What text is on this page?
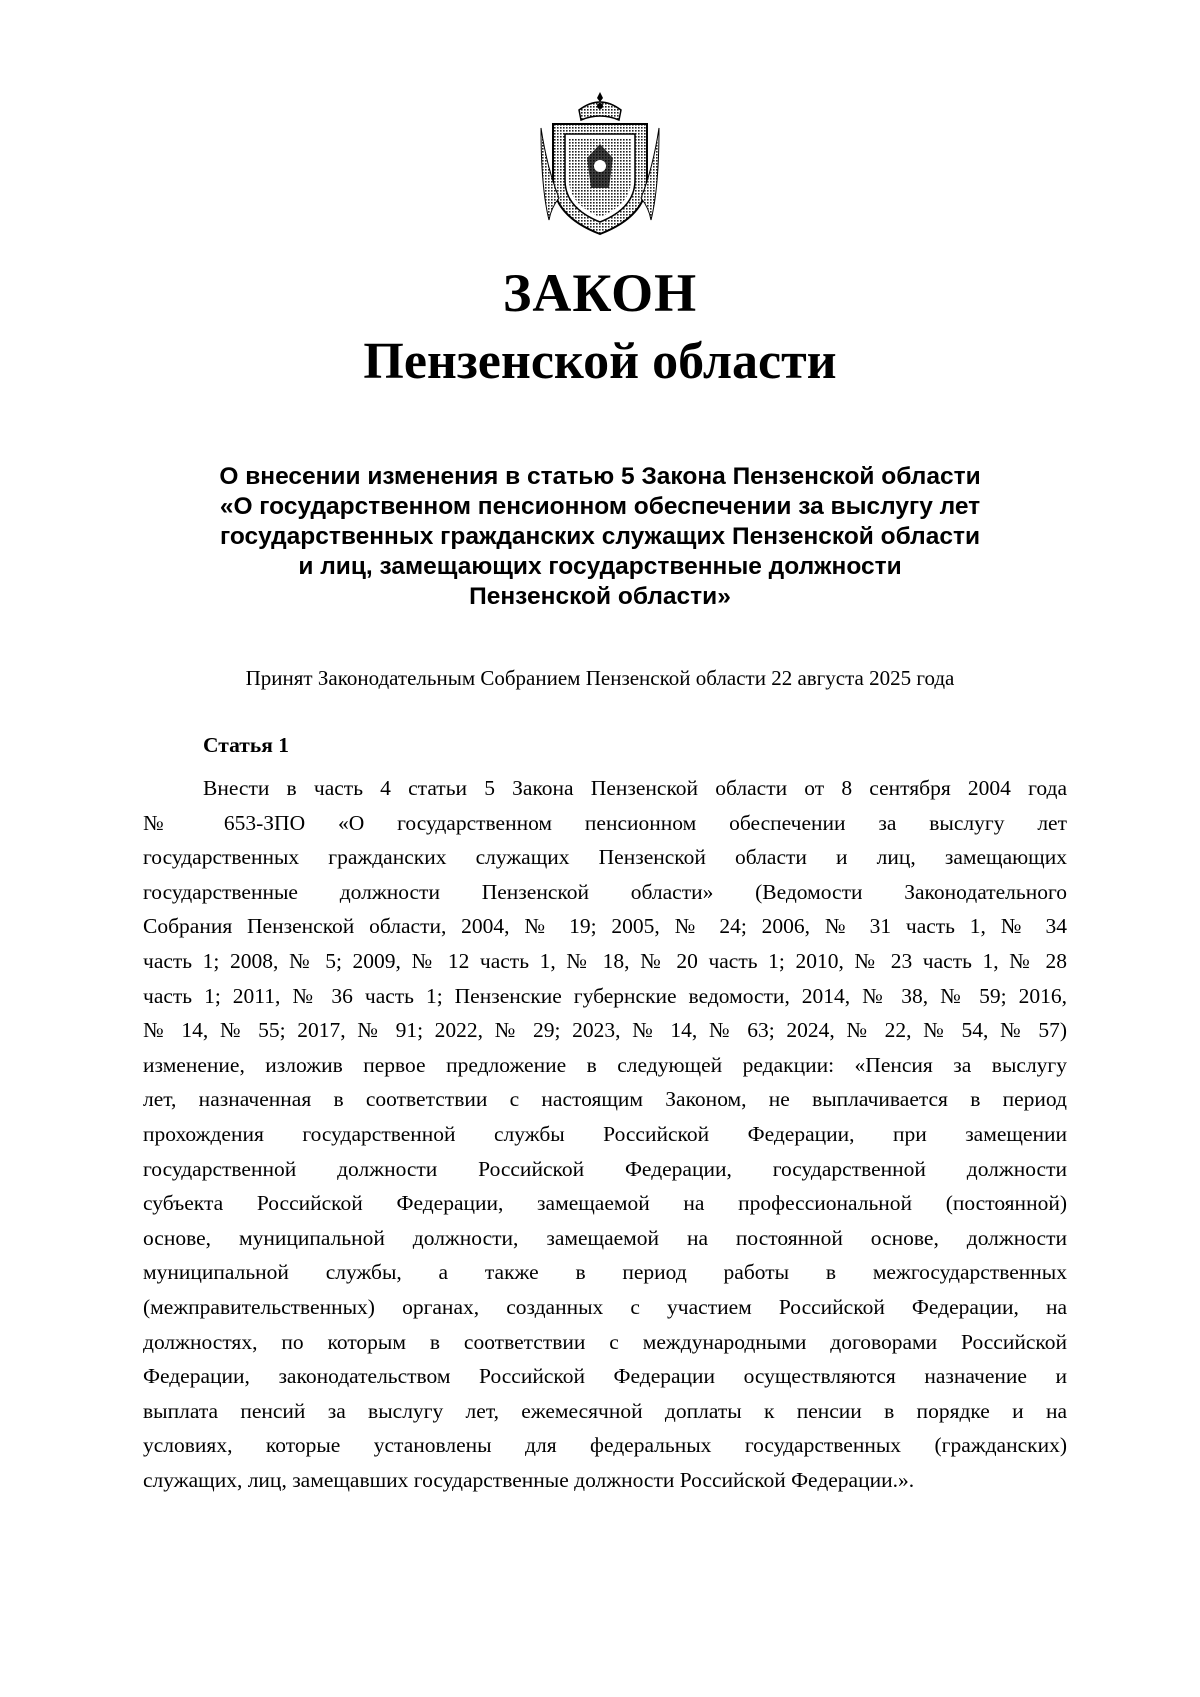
ЗАКОН
Пензенской области
О внесении изменения в статью 5 Закона Пензенской области
«О государственном пенсионном обеспечении за выслугу лет
государственных гражданских служащих Пензенской области
и лиц, замещающих государственные должности
Пензенской области»
Принят Законодательным Собранием Пензенской области 22 августа 2025 года
Статья 1
Внести в часть 4 статьи 5 Закона Пензенской области от 8 сентября 2004 года
№ 653-ЗПО «О государственном пенсионном обеспечении за выслугу лет
государственных гражданских служащих Пензенской области и лиц, замещающих
государственные должности Пензенской области» (Ведомости Законодательного
Собрания Пензенской области, 2004, № 19; 2005, № 24; 2006, № 31 часть 1, № 34
часть 1; 2008, № 5; 2009, № 12 часть 1, № 18, № 20 часть 1; 2010, № 23 часть 1, № 28
часть 1; 2011, № 36 часть 1; Пензенские губернские ведомости, 2014, № 38, № 59; 2016,
№ 14, № 55; 2017, № 91; 2022, № 29; 2023, № 14, № 63; 2024, № 22, № 54, № 57)
изменение, изложив первое предложение в следующей редакции: «Пенсия за выслугу
лет, назначенная в соответствии с настоящим Законом, не выплачивается в период
прохождения государственной службы Российской Федерации, при замещении
государственной должности Российской Федерации, государственной должности
субъекта Российской Федерации, замещаемой на профессиональной (постоянной)
основе, муниципальной должности, замещаемой на постоянной основе, должности
муниципальной службы, а также в период работы в межгосударственных
(межправительственных) органах, созданных с участием Российской Федерации, на
должностях, по которым в соответствии с международными договорами Российской
Федерации, законодательством Российской Федерации осуществляются назначение и
выплата пенсий за выслугу лет, ежемесячной доплаты к пенсии в порядке и на
условиях, которые установлены для федеральных государственных (гражданских)
служащих, лиц, замещавших государственные должности Российской Федерации.».
